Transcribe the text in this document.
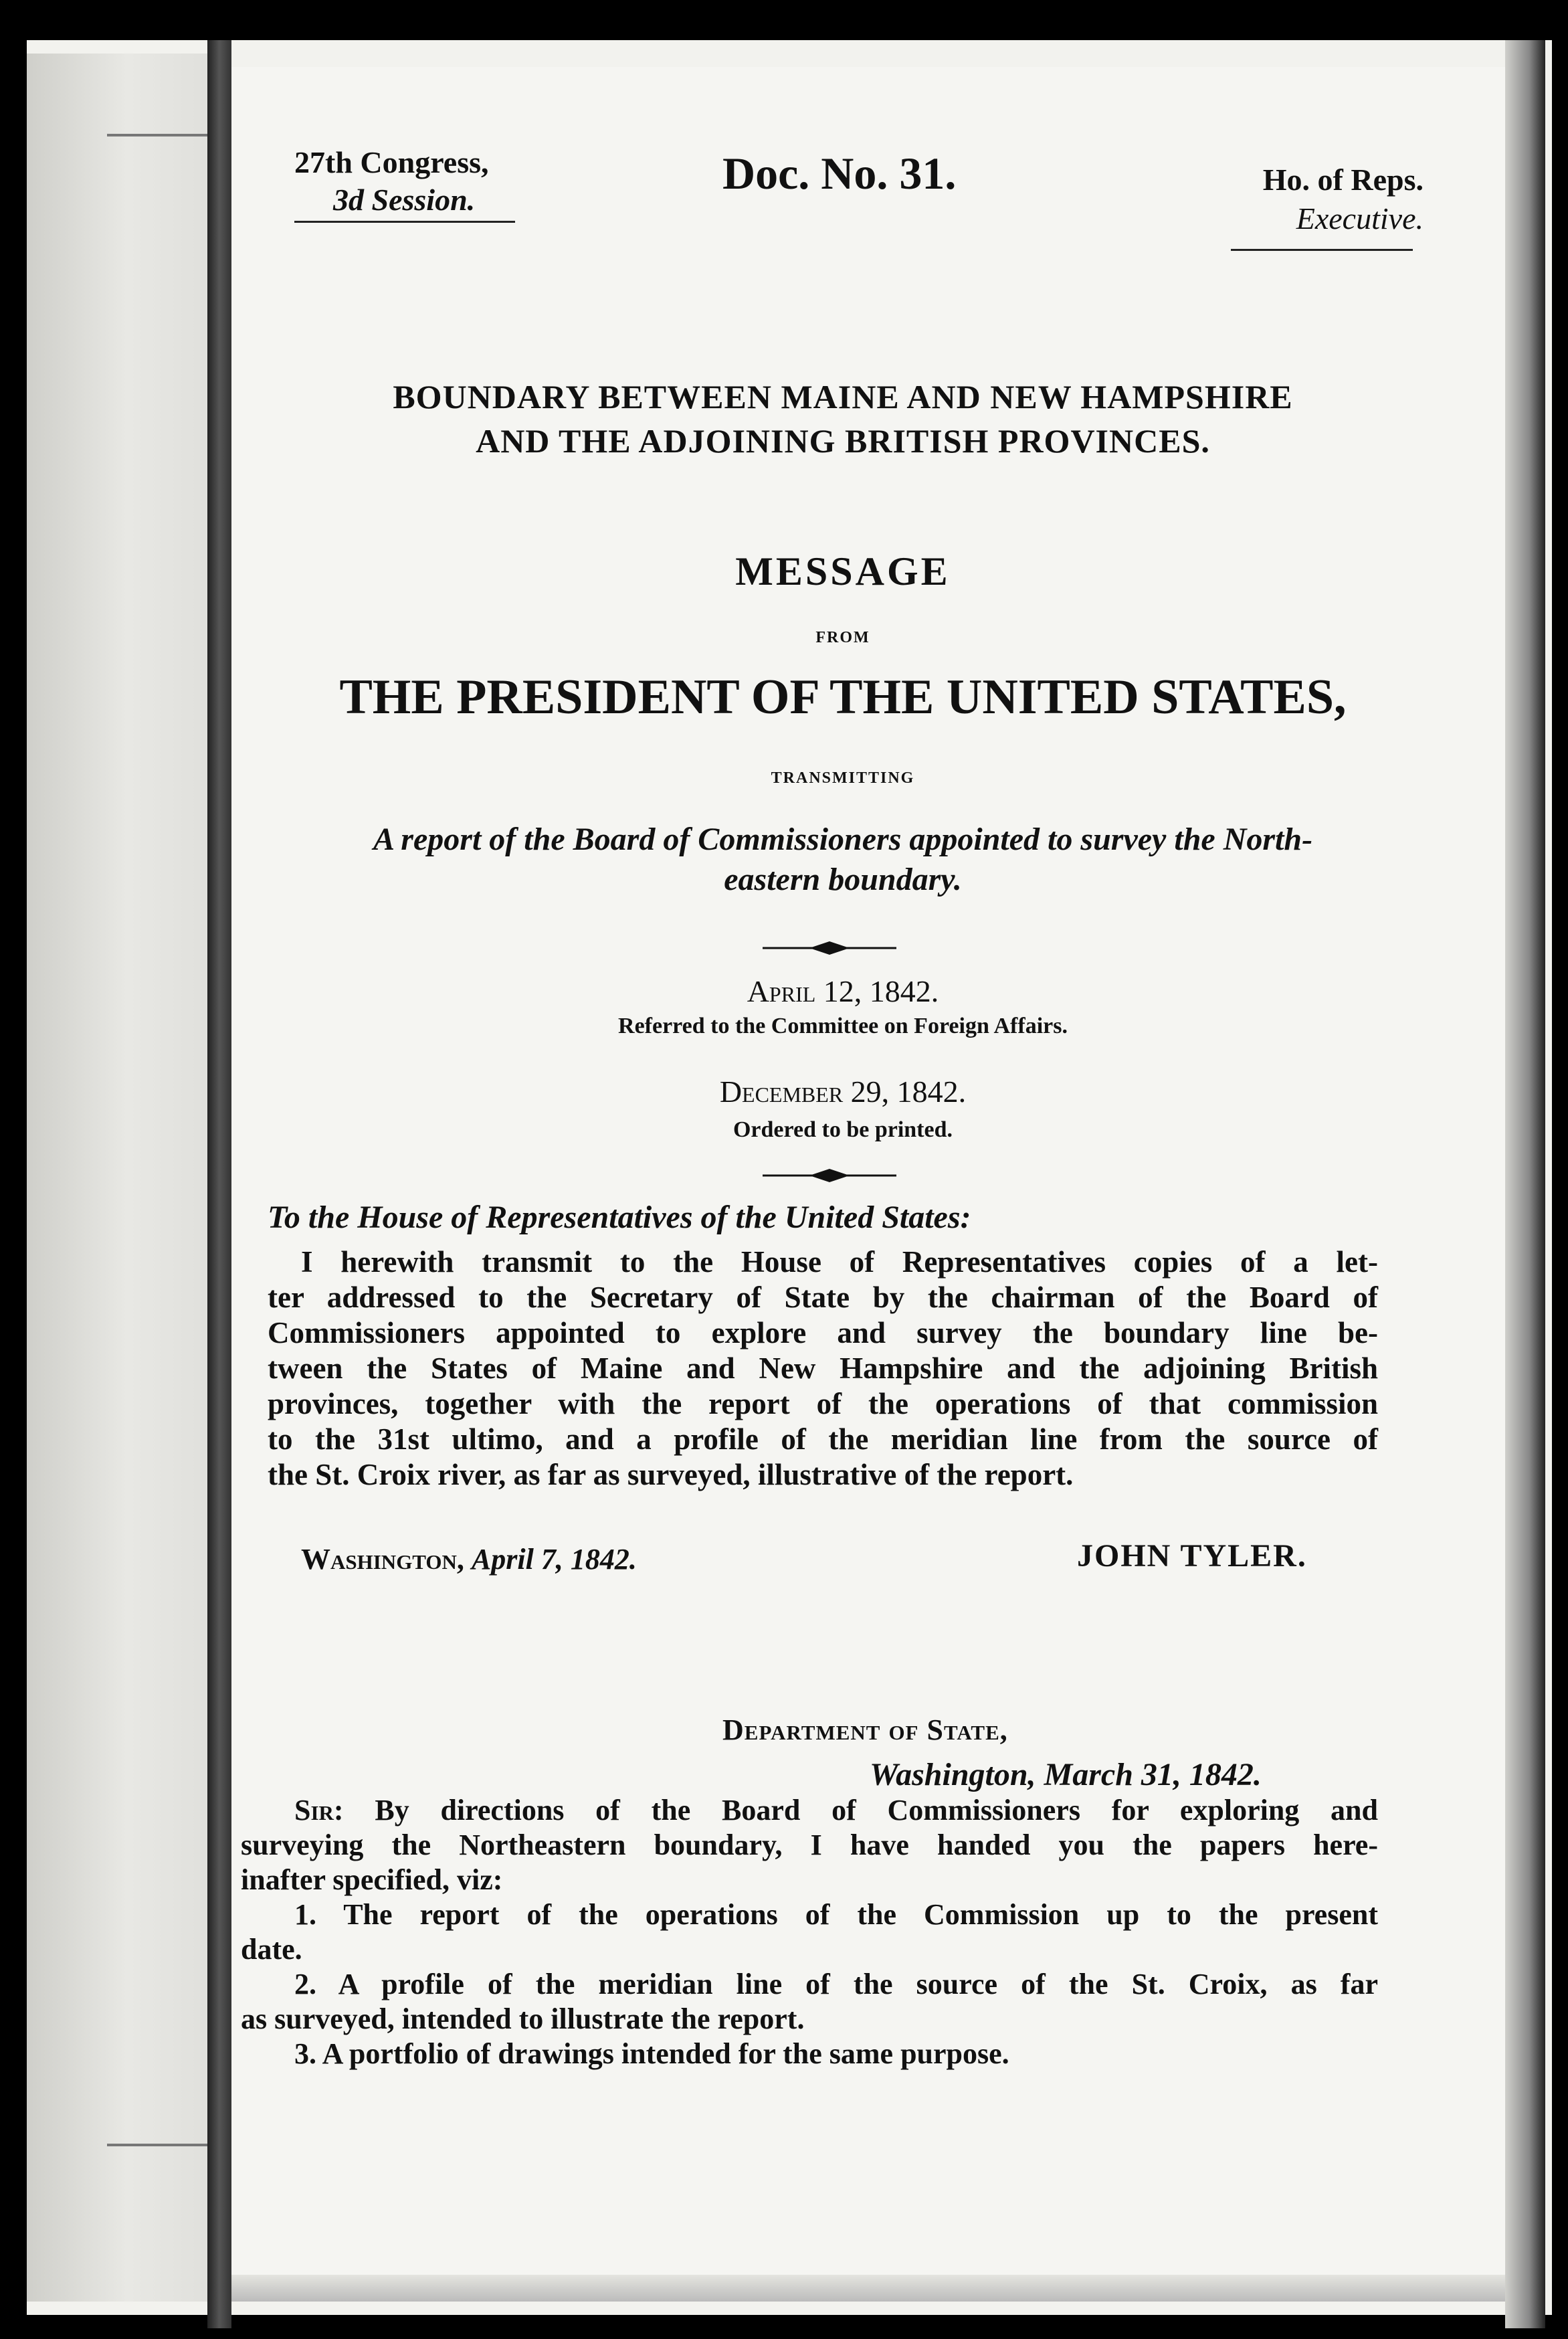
27th Congress,
3d Session.
Doc. No. 31.	Ho. of Reps.
Executive.
BOUNDARY BETWEEN MAINE AND NEW HAMPSHIRE
AND THE ADJOINING BRITISH PROVINCES.
MESSAGE
FROM
THE PRESIDENT OF THE UNITED STATES,
TRANSMITTING
A report of the Board of Commissioners appointed to survey the North-
eastern boundary.
April 12, 1842.
Referred to the Committee on Foreign Affairs.
December 29, 1842.
Ordered to be printed.
To the House of Representatives of the United States:
I herewith transmit to the House of Representatives copies of a let-
ter addressed to the Secretary of State by the chairman of the Board of
Commissioners appointed to explore and survey the boundary line be-
tween the States of Maine and New Hampshire and the adjoining British
provinces, together with the report of the operations of that commission
to the 31st ultimo, and a profile of the meridian line from the source of
the St. Croix river, as far as surveyed, illustrative of the report.
Washington, April 7, 1842.	JOHN TYLER.
Department of State,
Washington, March 31, 1842.
Sir: By directions of the Board of Commissioners for exploring and
surveying the Northeastern boundary, I have handed you the papers here-
inafter specified, viz:
1. The report of the operations of the Commission up to the present
date.
2. A profile of the meridian line of the source of the St. Croix, as far
as surveyed, intended to illustrate the report.
3. A portfolio of drawings intended for the same purpose.
